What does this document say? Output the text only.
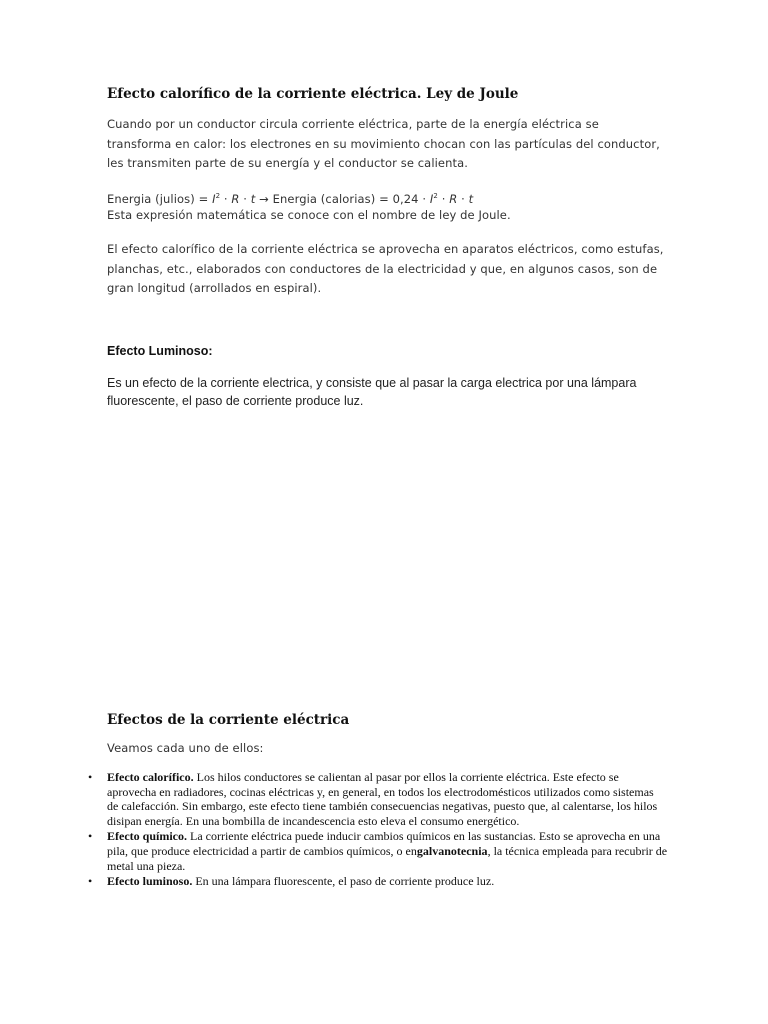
Efecto calorífico de la corriente eléctrica. Ley de Joule

Cuando por un conductor circula corriente eléctrica, parte de la energía eléctrica se transforma en calor: los electrones en su movimiento chocan con las partículas del conductor, les transmiten parte de su energía y el conductor se calienta.

Energia (julios) = $I^2 \cdot R \cdot t$ → Energia (calorias) = $0,24 \cdot I^2 \cdot R \cdot t$

Esta expresión matemática se conoce con el nombre de ley de Joule.

El efecto calorífico de la corriente eléctrica se aprovecha en aparatos eléctricos, como estufas, planchas, etc., elaborados con conductores de la electricidad y que, en algunos casos, son de gran longitud (arrollados en espiral).

Efecto Luminoso:

Es un efecto de la corriente electrica, y consiste que al pasar la carga electrica por una lámpara fluorescente, el paso de corriente produce luz.

Efectos de la corriente eléctrica

Veamos cada uno de ellos:

• Efecto calorífico. Los hilos conductores se calientan al pasar por ellos la corriente eléctrica. Este efecto se aprovecha en radiadores, cocinas eléctricas y, en general, en todos los electrodomésticos utilizados como sistemas de calefacción. Sin embargo, este efecto tiene también consecuencias negativas, puesto que, al calentarse, los hilos disipan energía. En una bombilla de incandescencia esto eleva el consumo energético.
• Efecto químico. La corriente eléctrica puede inducir cambios químicos en las sustancias. Esto se aprovecha en una pila, que produce electricidad a partir de cambios químicos, o engalvanotecnia, la técnica empleada para recubrir de metal una pieza.
• Efecto luminoso. En una lámpara fluorescente, el paso de corriente produce luz.
